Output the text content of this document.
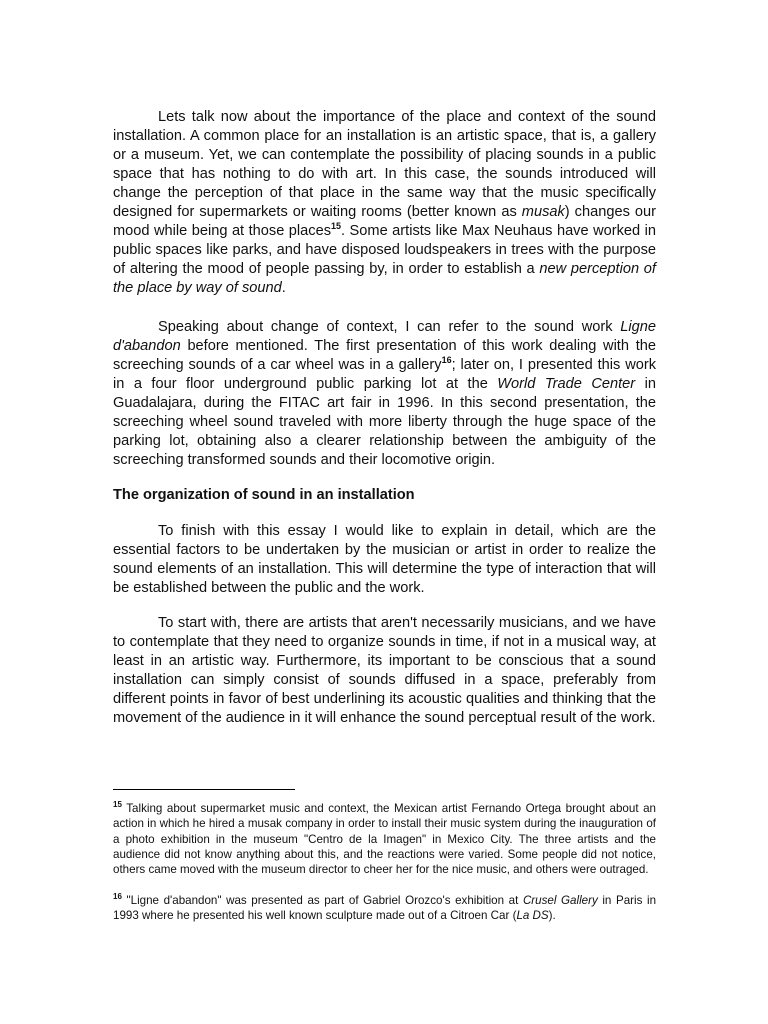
Lets talk now about the importance of the place and context of the sound installation. A common place for an installation is an artistic space, that is, a gallery or a museum. Yet, we can contemplate the possibility of placing sounds in a public space that has nothing to do with art. In this case, the sounds introduced will change the perception of that place in the same way that the music specifically designed for supermarkets or waiting rooms (better known as musak) changes our mood while being at those places$^{15}$. Some artists like Max Neuhaus have worked in public spaces like parks, and have disposed loudspeakers in trees with the purpose of altering the mood of people passing by, in order to establish a new perception of the place by way of sound.

Speaking about change of context, I can refer to the sound work Ligne d'abandon before mentioned. The first presentation of this work dealing with the screeching sounds of a car wheel was in a gallery$^{16}$; later on, I presented this work in a four floor underground public parking lot at the World Trade Center in Guadalajara, during the FITAC art fair in 1996. In this second presentation, the screeching wheel sound traveled with more liberty through the huge space of the parking lot, obtaining also a clearer relationship between the ambiguity of the screeching transformed sounds and their locomotive origin.

The organization of sound in an installation

To finish with this essay I would like to explain in detail, which are the essential factors to be undertaken by the musician or artist in order to realize the sound elements of an installation. This will determine the type of interaction that will be established between the public and the work.

To start with, there are artists that aren't necessarily musicians, and we have to contemplate that they need to organize sounds in time, if not in a musical way, at least in an artistic way. Furthermore, its important to be conscious that a sound installation can simply consist of sounds diffused in a space, preferably from different points in favor of best underlining its acoustic qualities and thinking that the movement of the audience in it will enhance the sound perceptual result of the work.

$^{15}$ Talking about supermarket music and context, the Mexican artist Fernando Ortega brought about an action in which he hired a musak company in order to install their music system during the inauguration of a photo exhibition in the museum "Centro de la Imagen" in Mexico City. The three artists and the audience did not know anything about this, and the reactions were varied. Some people did not notice, others came moved with the museum director to cheer her for the nice music, and others were outraged.

$^{16}$ "Ligne d'abandon" was presented as part of Gabriel Orozco's exhibition at Crusel Gallery in Paris in 1993 where he presented his well known sculpture made out of a Citroen Car (La DS).
